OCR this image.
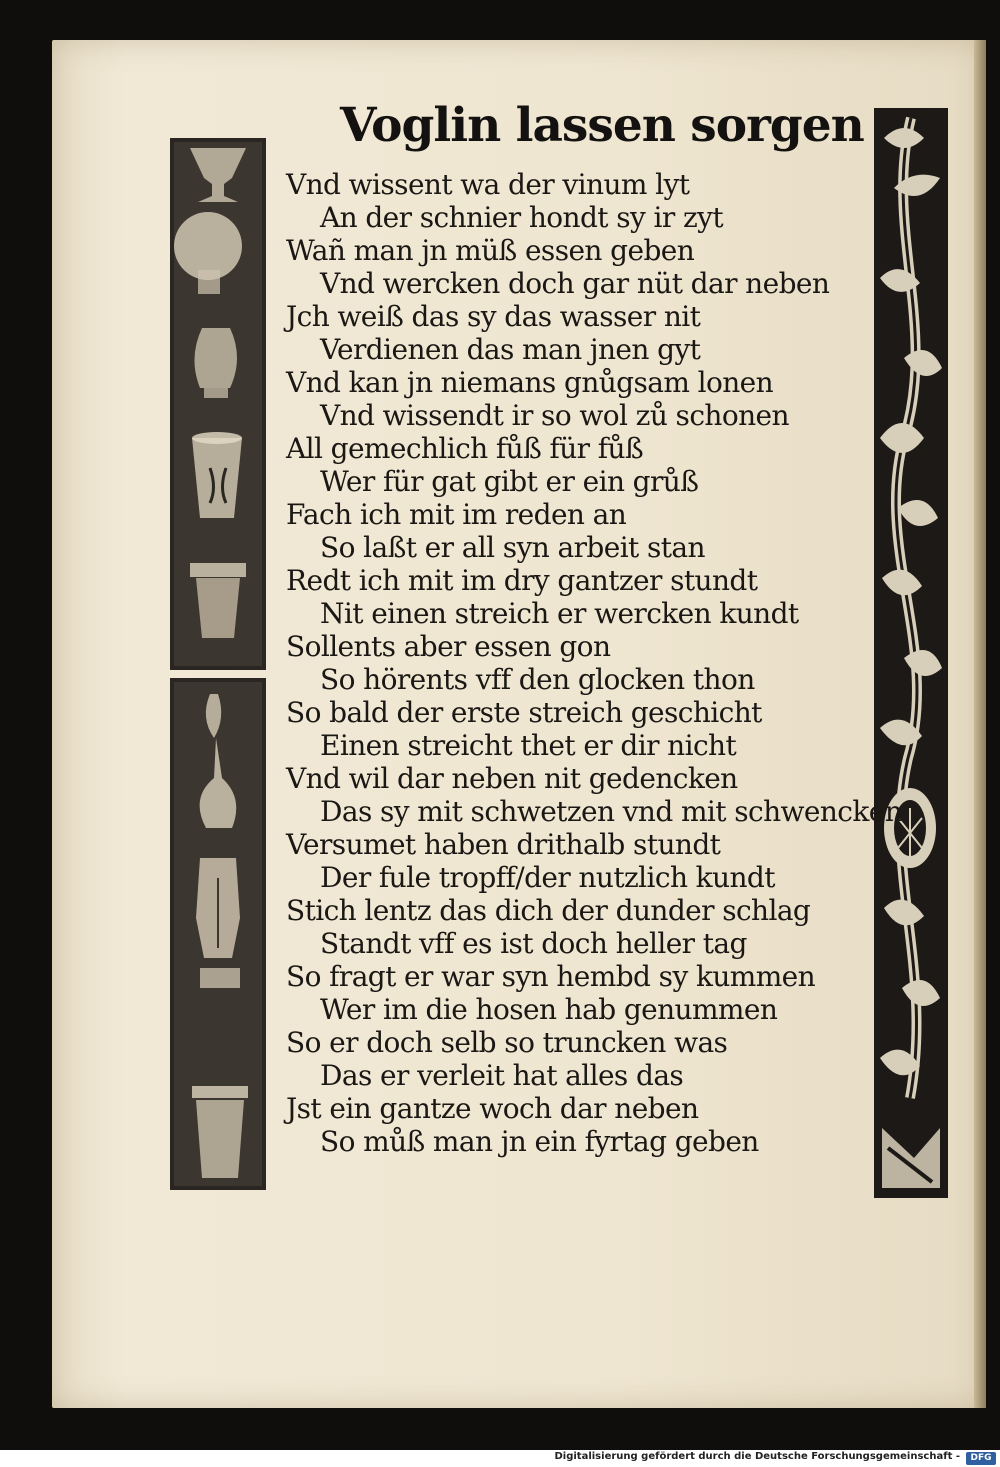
Voglin lassen sorgen
Vnd wissent wa der vinum lyt
An der schnier hondt sy ir zyt
Wañ man jn müß essen geben
Vnd wercken doch gar nüt dar neben
Jch weiß das sy das wasser nit
Verdienen das man jnen gyt
Vnd kan jn niemans gnůgsam lonen
Vnd wissendt ir so wol zů schonen
All gemechlich fůß für fůß
Wer für gat gibt er ein grůß
Fach ich mit im reden an
So laßt er all syn arbeit stan
Redt ich mit im dry gantzer stundt
Nit einen streich er wercken kundt
Sollents aber essen gon
So hörents vff den glocken thon
So bald der erste streich geschicht
Einen streicht thet er dir nicht
Vnd wil dar neben nit gedencken
Das sy mit schwetzen vnd mit schwencken
Versumet haben drithalb stundt
Der fule tropff/der nutzlich kundt
Stich lentz das dich der dunder schlag
Standt vff es ist doch heller tag
So fragt er war syn hembd sy kummen
Wer im die hosen hab genummen
So er doch selb so truncken was
Das er verleit hat alles das
Jst ein gantze woch dar neben
So můß man jn ein fyrtag geben
Digitalisierung gefördert durch die Deutsche Forschungsgemeinschaft -	DFG
